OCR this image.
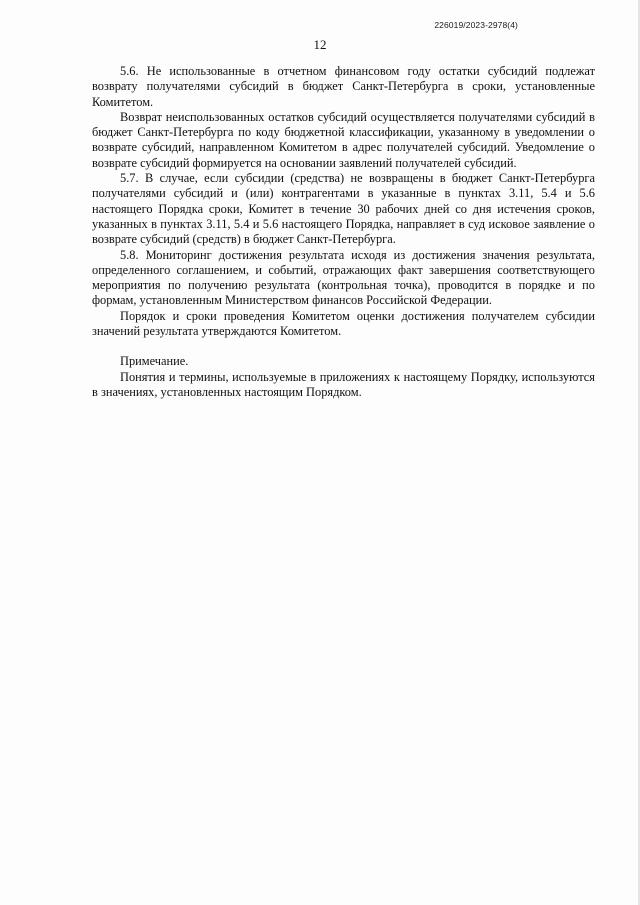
226019/2023-2978(4)
12

5.6. Не использованные в отчетном финансовом году остатки субсидий подлежат возврату получателями субсидий в бюджет Санкт-Петербурга в сроки, установленные Комитетом.

Возврат неиспользованных остатков субсидий осуществляется получателями субсидий в бюджет Санкт-Петербурга по коду бюджетной классификации, указанному в уведомлении о возврате субсидий, направленном Комитетом в адрес получателей субсидий. Уведомление о возврате субсидий формируется на основании заявлений получателей субсидий.

5.7. В случае, если субсидии (средства) не возвращены в бюджет Санкт-Петербурга получателями субсидий и (или) контрагентами в указанные в пунктах 3.11, 5.4 и 5.6 настоящего Порядка сроки, Комитет в течение 30 рабочих дней со дня истечения сроков, указанных в пунктах 3.11, 5.4 и 5.6 настоящего Порядка, направляет в суд исковое заявление о возврате субсидий (средств) в бюджет Санкт-Петербурга.

5.8. Мониторинг достижения результата исходя из достижения значения результата, определенного соглашением, и событий, отражающих факт завершения соответствующего мероприятия по получению результата (контрольная точка), проводится в порядке и по формам, установленным Министерством финансов Российской Федерации.

Порядок и сроки проведения Комитетом оценки достижения получателем субсидии значений результата утверждаются Комитетом.

Примечание.

Понятия и термины, используемые в приложениях к настоящему Порядку, используются в значениях, установленных настоящим Порядком.
